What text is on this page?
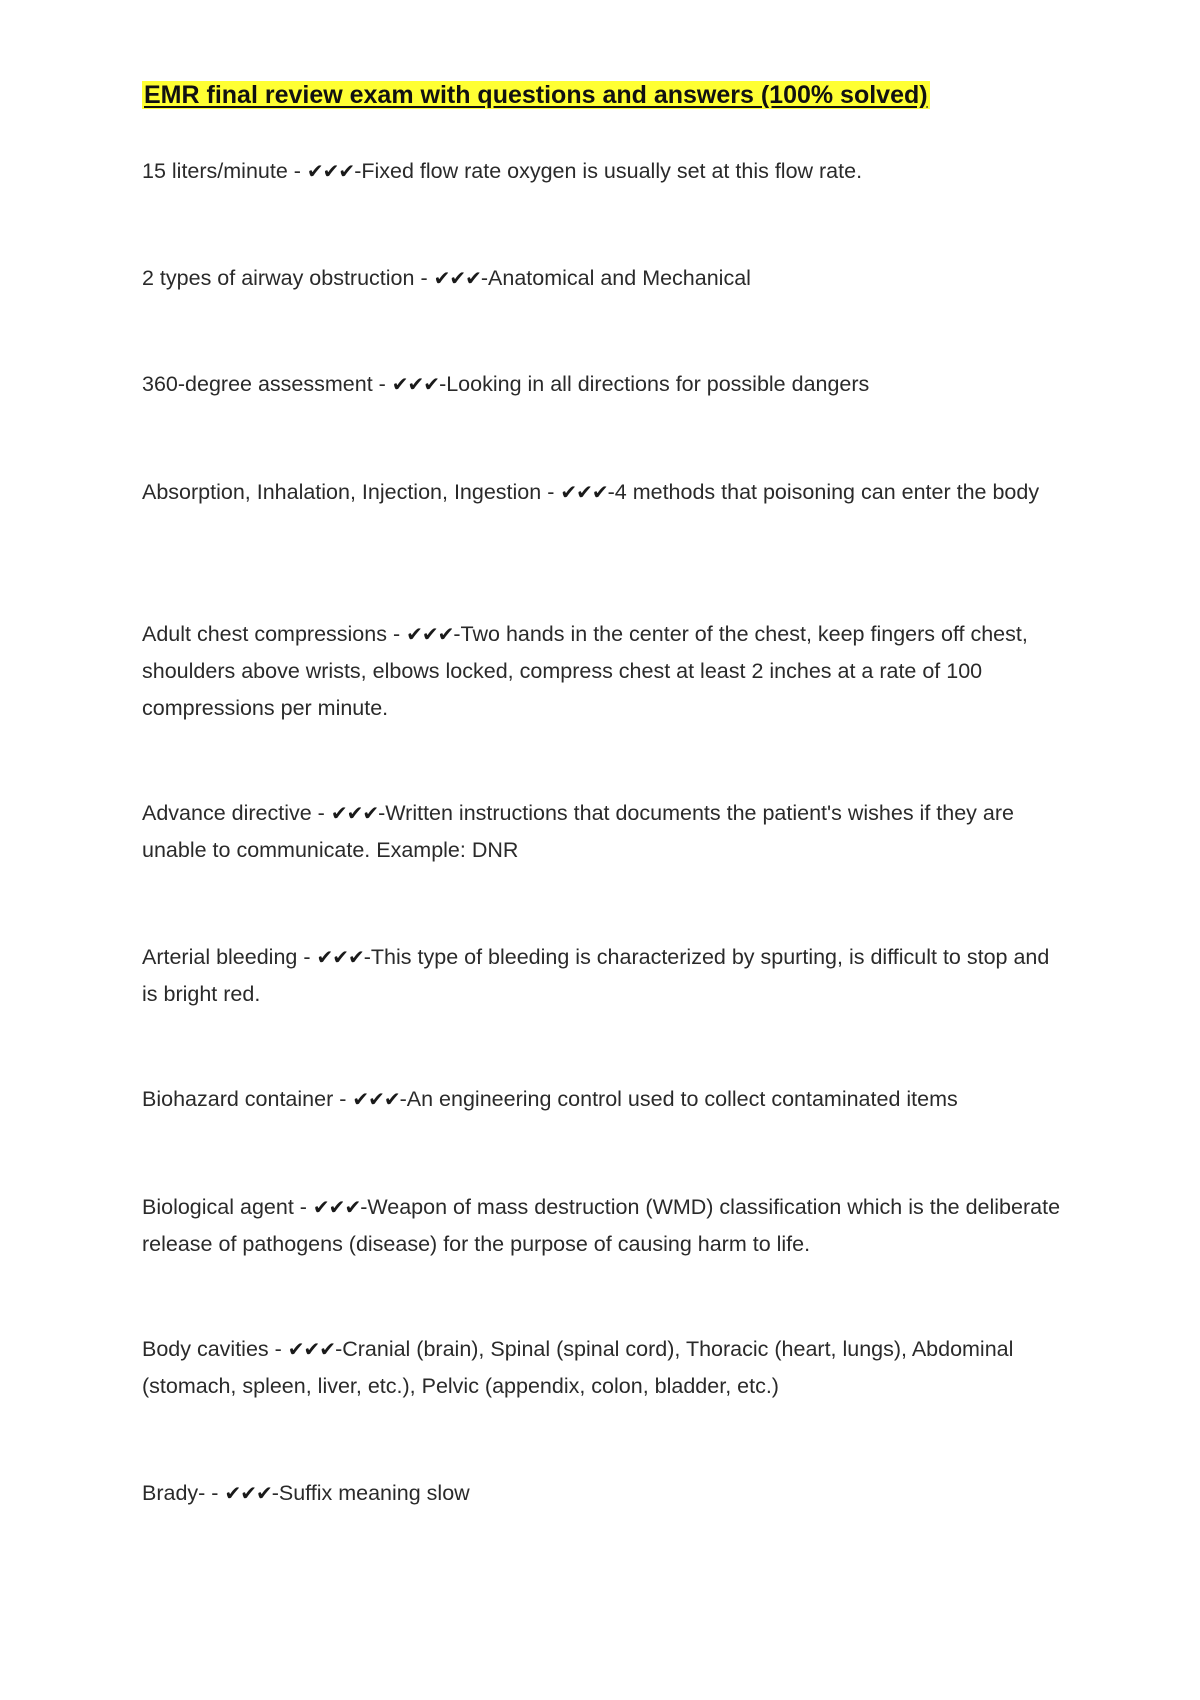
EMR final review exam with questions and answers (100% solved)
15 liters/minute - ✔✔✔-Fixed flow rate oxygen is usually set at this flow rate.
2 types of airway obstruction - ✔✔✔-Anatomical and Mechanical
360-degree assessment - ✔✔✔-Looking in all directions for possible dangers
Absorption, Inhalation, Injection, Ingestion - ✔✔✔-4 methods that poisoning can enter the body
Adult chest compressions - ✔✔✔-Two hands in the center of the chest, keep fingers off chest, shoulders above wrists, elbows locked, compress chest at least 2 inches at a rate of 100 compressions per minute.
Advance directive - ✔✔✔-Written instructions that documents the patient's wishes if they are unable to communicate. Example: DNR
Arterial bleeding - ✔✔✔-This type of bleeding is characterized by spurting, is difficult to stop and is bright red.
Biohazard container - ✔✔✔-An engineering control used to collect contaminated items
Biological agent - ✔✔✔-Weapon of mass destruction (WMD) classification which is the deliberate release of pathogens (disease) for the purpose of causing harm to life.
Body cavities - ✔✔✔-Cranial (brain), Spinal (spinal cord), Thoracic (heart, lungs), Abdominal (stomach, spleen, liver, etc.), Pelvic (appendix, colon, bladder, etc.)
Brady- - ✔✔✔-Suffix meaning slow
